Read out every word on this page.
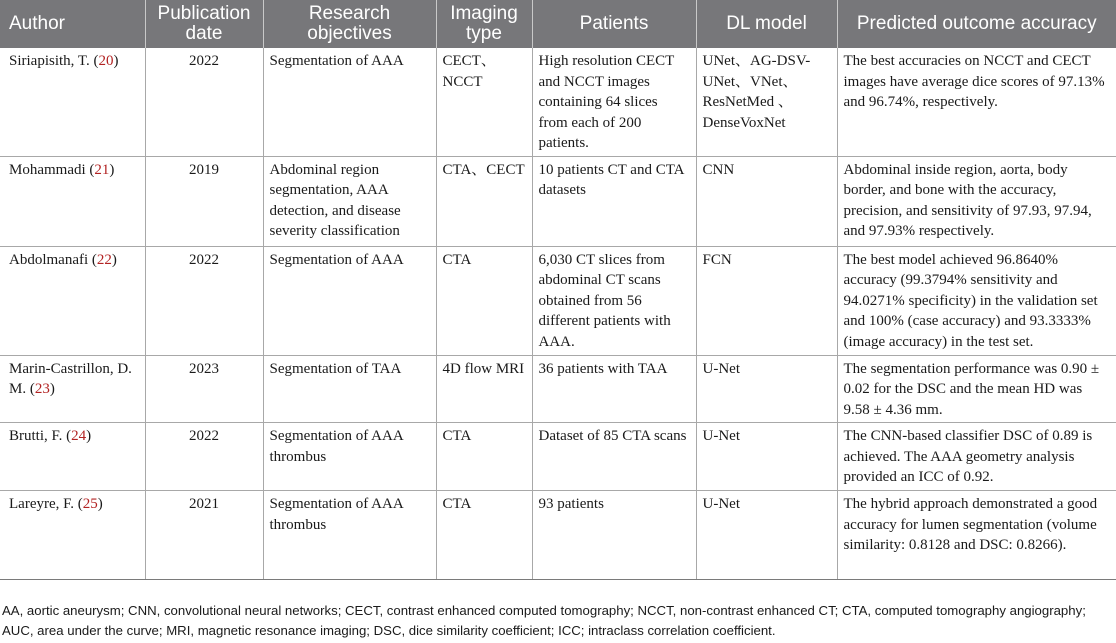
Author	Publication date	Research objectives	Imaging type	Patients	DL model	Predicted outcome accuracy
Siriapisith, T. (20)	2022	Segmentation of AAA	CECT、NCCT	High resolution CECT and NCCT images containing 64 slices from each of 200 patients.	UNet、AG-DSV-UNet、VNet、ResNetMed 、DenseVoxNet	The best accuracies on NCCT and CECT images have average dice scores of 97.13% and 96.74%, respectively.
Mohammadi (21)	2019	Abdominal region segmentation, AAA detection, and disease severity classification	CTA、CECT	10 patients CT and CTA datasets	CNN	Abdominal inside region, aorta, body border, and bone with the accuracy, precision, and sensitivity of 97.93, 97.94, and 97.93% respectively.
Abdolmanafi (22)	2022	Segmentation of AAA	CTA	6,030 CT slices from abdominal CT scans obtained from 56 different patients with AAA.	FCN	The best model achieved 96.8640% accuracy (99.3794% sensitivity and 94.0271% specificity) in the validation set and 100% (case accuracy) and 93.3333% (image accuracy) in the test set.
Marin-Castrillon, D. M. (23)	2023	Segmentation of TAA	4D flow MRI	36 patients with TAA	U-Net	The segmentation performance was 0.90 ± 0.02 for the DSC and the mean HD was 9.58 ± 4.36 mm.
Brutti, F. (24)	2022	Segmentation of AAA thrombus	CTA	Dataset of 85 CTA scans	U-Net	The CNN-based classifier DSC of 0.89 is achieved. The AAA geometry analysis provided an ICC of 0.92.
Lareyre, F. (25)	2021	Segmentation of AAA thrombus	CTA	93 patients	U-Net	The hybrid approach demonstrated a good accuracy for lumen segmentation (volume similarity: 0.8128 and DSC: 0.8266).
AA, aortic aneurysm; CNN, convolutional neural networks; CECT, contrast enhanced computed tomography; NCCT, non-contrast enhanced CT; CTA, computed tomography angiography; AUC, area under the curve; MRI, magnetic resonance imaging; DSC, dice similarity coefficient; ICC; intraclass correlation coefficient.
